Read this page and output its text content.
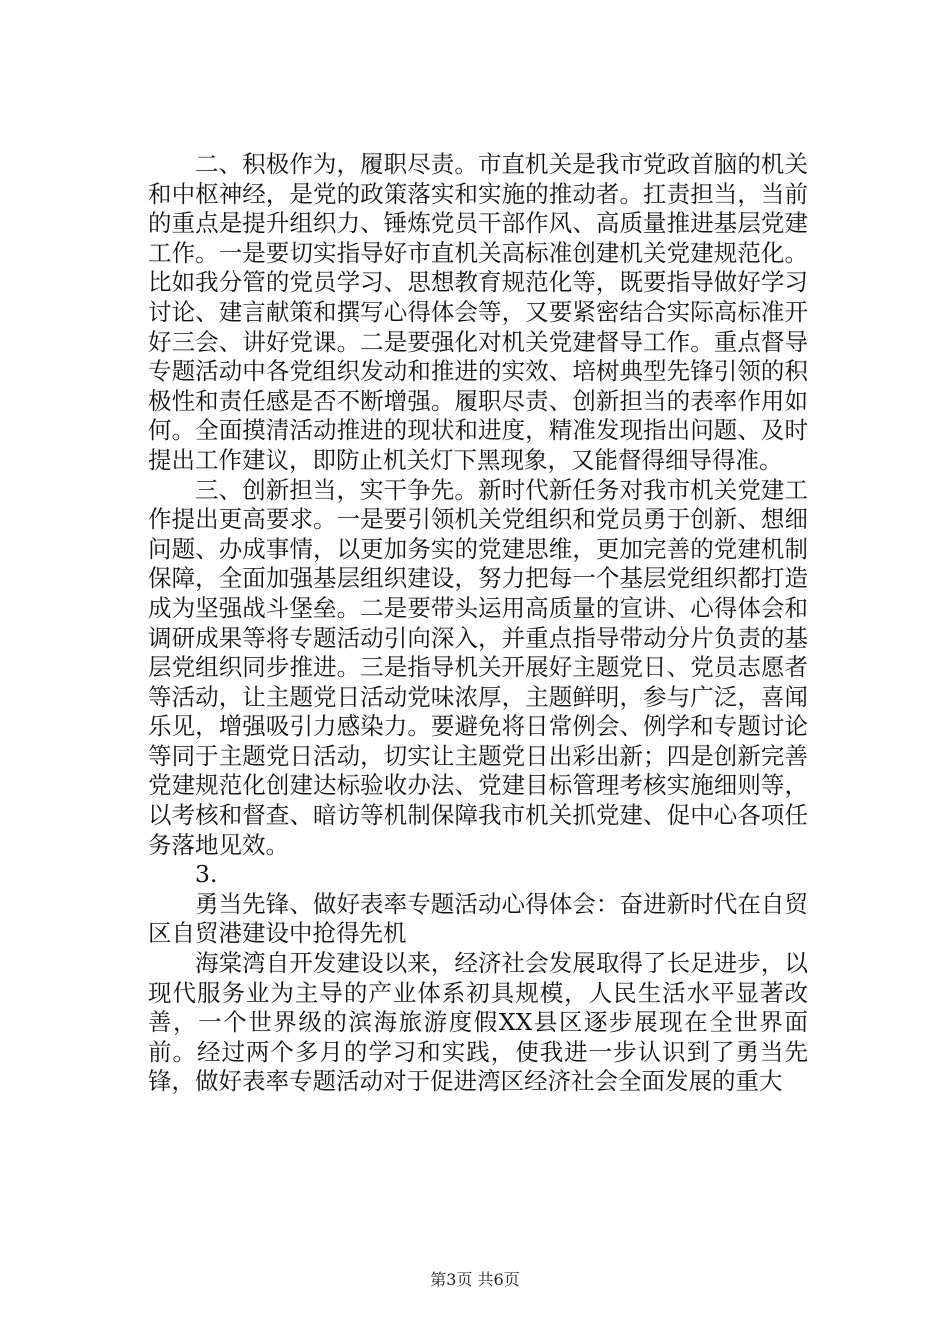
二、积极作为，履职尽责。市直机关是我市党政首脑的机关和中枢神经，是党的政策落实和实施的推动者。扛责担当，当前的重点是提升组织力、锤炼党员干部作风、高质量推进基层党建工作。一是要切实指导好市直机关高标准创建机关党建规范化。比如我分管的党员学习、思想教育规范化等，既要指导做好学习讨论、建言献策和撰写心得体会等，又要紧密结合实际高标准开好三会、讲好党课。二是要强化对机关党建督导工作。重点督导专题活动中各党组织发动和推进的实效、培树典型先锋引领的积极性和责任感是否不断增强。履职尽责、创新担当的表率作用如何。全面摸清活动推进的现状和进度，精准发现指出问题、及时提出工作建议，即防止机关灯下黑现象，又能督得细导得准。

三、创新担当，实干争先。新时代新任务对我市机关党建工作提出更高要求。一是要引领机关党组织和党员勇于创新、想细问题、办成事情，以更加务实的党建思维，更加完善的党建机制保障，全面加强基层组织建设，努力把每一个基层党组织都打造成为坚强战斗堡垒。二是要带头运用高质量的宣讲、心得体会和调研成果等将专题活动引向深入，并重点指导带动分片负责的基层党组织同步推进。三是指导机关开展好主题党日、党员志愿者等活动，让主题党日活动党味浓厚，主题鲜明，参与广泛，喜闻乐见，增强吸引力感染力。要避免将日常例会、例学和专题讨论等同于主题党日活动，切实让主题党日出彩出新；四是创新完善党建规范化创建达标验收办法、党建目标管理考核实施细则等，以考核和督查、暗访等机制保障我市机关抓党建、促中心各项任务落地见效。

3.

勇当先锋、做好表率专题活动心得体会：奋进新时代在自贸区自贸港建设中抢得先机

海棠湾自开发建设以来，经济社会发展取得了长足进步，以现代服务业为主导的产业体系初具规模，人民生活水平显著改善，一个世界级的滨海旅游度假XX县区逐步展现在全世界面前。经过两个多月的学习和实践，使我进一步认识到了勇当先锋，做好表率专题活动对于促进湾区经济社会全面发展的重大

第3页 共6页
